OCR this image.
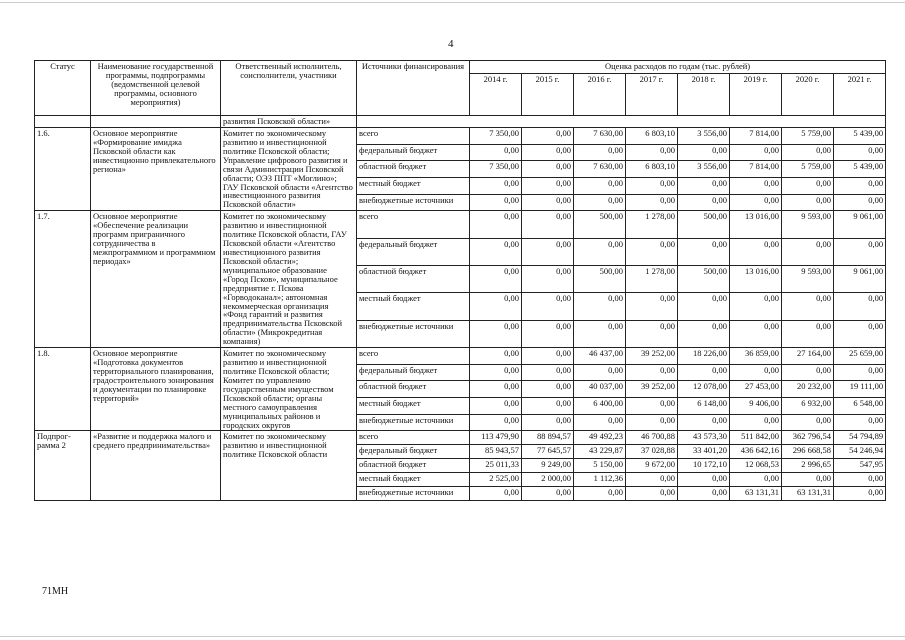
4
Статус	Наименование государственной программы, подпрограммы (ведомственной целевой программы, основного мероприятия)	Ответственный исполнитель, соисполнители, участники	Источники финансирования	Оценка расходов по годам (тыс. рублей)							
				2014 г.	2015 г.	2016 г.	2017 г.	2018 г.	2019 г.	2020 г.	2021 г.
		развития Псковской области»									
1.6.	Основное мероприятие «Формирование имиджа Псковской области как инвестиционно привлекательного региона»	Комитет по экономическому развитию и инвестиционной политике Псковской области; Управление цифрового развития и связи Администрации Псковской области; ОЭЗ ППТ «Моглино»; ГАУ Псковской области «Агентство инвестиционного развития Псковской области»	всего	7 350,00	0,00	7 630,00	6 803,10	3 556,00	7 814,00	5 759,00	5 439,00
			федеральный бюджет	0,00	0,00	0,00	0,00	0,00	0,00	0,00	0,00
			областной бюджет	7 350,00	0,00	7 630,00	6 803,10	3 556,00	7 814,00	5 759,00	5 439,00
			местный бюджет	0,00	0,00	0,00	0,00	0,00	0,00	0,00	0,00
			внебюджетные источники	0,00	0,00	0,00	0,00	0,00	0,00	0,00	0,00
1.7.	Основное мероприятие «Обеспечение реализации программ приграничного сотрудничества в межпрограммном и программном периодах»	Комитет по экономическому развитию и инвестиционной политике Псковской области, ГАУ Псковской области «Агентство инвестиционного развития Псковской области»; муниципальное образование «Город Псков», муниципальное предприятие г. Пскова «Горводоканал»; автономная некоммерческая организация «Фонд гарантий и развития предпринимательства Псковской области» (Микрокредитная компания)	всего	0,00	0,00	500,00	1 278,00	500,00	13 016,00	9 593,00	9 061,00
			федеральный бюджет	0,00	0,00	0,00	0,00	0,00	0,00	0,00	0,00
			областной бюджет	0,00	0,00	500,00	1 278,00	500,00	13 016,00	9 593,00	9 061,00
			местный бюджет	0,00	0,00	0,00	0,00	0,00	0,00	0,00	0,00
			внебюджетные источники	0,00	0,00	0,00	0,00	0,00	0,00	0,00	0,00
1.8.	Основное мероприятие «Подготовка документов территориального планирования, градостроительного зонирования и документации по планировке территорий»	Комитет по экономическому развитию и инвестиционной политике Псковской области; Комитет по управлению государственным имуществом Псковской области; органы местного самоуправления муниципальных районов и городских округов	всего	0,00	0,00	46 437,00	39 252,00	18 226,00	36 859,00	27 164,00	25 659,00
			федеральный бюджет	0,00	0,00	0,00	0,00	0,00	0,00	0,00	0,00
			областной бюджет	0,00	0,00	40 037,00	39 252,00	12 078,00	27 453,00	20 232,00	19 111,00
			местный бюджет	0,00	0,00	6 400,00	0,00	6 148,00	9 406,00	6 932,00	6 548,00
			внебюджетные источники	0,00	0,00	0,00	0,00	0,00	0,00	0,00	0,00
Подпрог-рамма 2	«Развитие и поддержка малого и среднего предпринимательства»	Комитет по экономическому развитию и инвестиционной политике Псковской области	всего	113 479,90	88 894,57	49 492,23	46 700,88	43 573,30	511 842,00	362 796,54	54 794,89
			федеральный бюджет	85 943,57	77 645,57	43 229,87	37 028,88	33 401,20	436 642,16	296 668,58	54 246,94
			областной бюджет	25 011,33	9 249,00	5 150,00	9 672,00	10 172,10	12 068,53	2 996,65	547,95
			местный бюджет	2 525,00	2 000,00	1 112,36	0,00	0,00	0,00	0,00	0,00
			внебюджетные источники	0,00	0,00	0,00	0,00	0,00	63 131,31	63 131,31	0,00
71МН
